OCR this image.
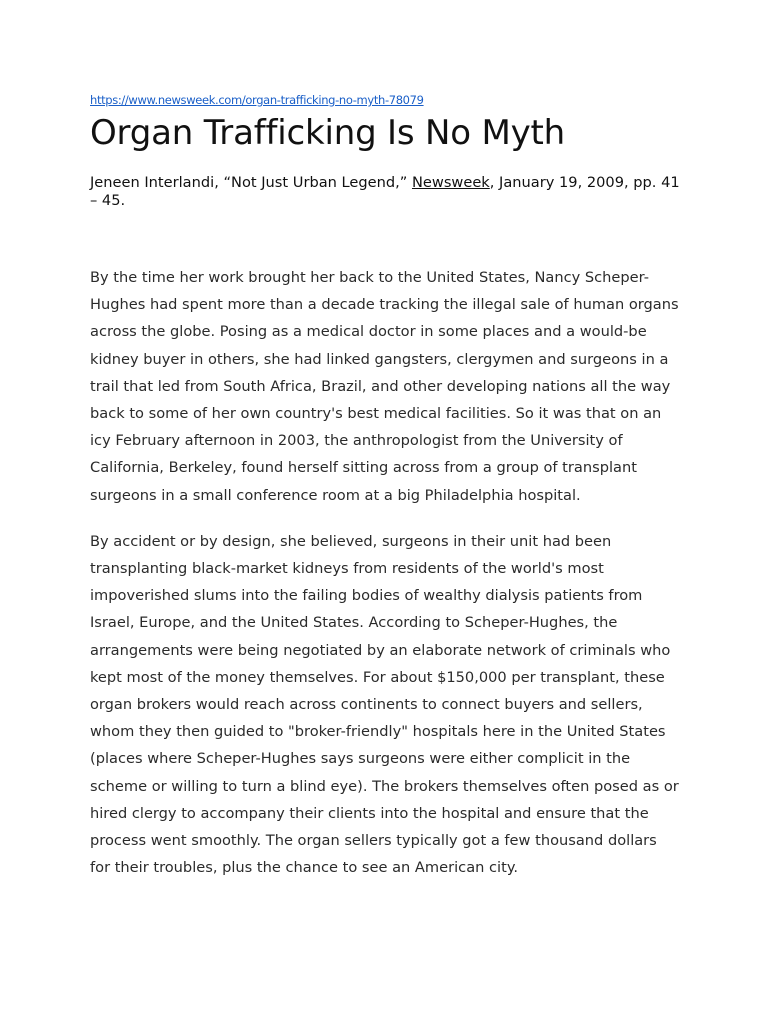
https://www.newsweek.com/organ-trafficking-no-myth-78079
Organ Trafficking Is No Myth

Jeneen Interlandi, “Not Just Urban Legend,” Newsweek, January 19, 2009, pp. 41 – 45.

By the time her work brought her back to the United States, Nancy Scheper-Hughes had spent more than a decade tracking the illegal sale of human organs across the globe. Posing as a medical doctor in some places and a would-be kidney buyer in others, she had linked gangsters, clergymen and surgeons in a trail that led from South Africa, Brazil, and other developing nations all the way back to some of her own country's best medical facilities. So it was that on an icy February afternoon in 2003, the anthropologist from the University of California, Berkeley, found herself sitting across from a group of transplant surgeons in a small conference room at a big Philadelphia hospital.

By accident or by design, she believed, surgeons in their unit had been transplanting black-market kidneys from residents of the world's most impoverished slums into the failing bodies of wealthy dialysis patients from Israel, Europe, and the United States. According to Scheper-Hughes, the arrangements were being negotiated by an elaborate network of criminals who kept most of the money themselves. For about $150,000 per transplant, these organ brokers would reach across continents to connect buyers and sellers, whom they then guided to "broker-friendly" hospitals here in the United States (places where Scheper-Hughes says surgeons were either complicit in the scheme or willing to turn a blind eye). The brokers themselves often posed as or hired clergy to accompany their clients into the hospital and ensure that the process went smoothly. The organ sellers typically got a few thousand dollars for their troubles, plus the chance to see an American city.
